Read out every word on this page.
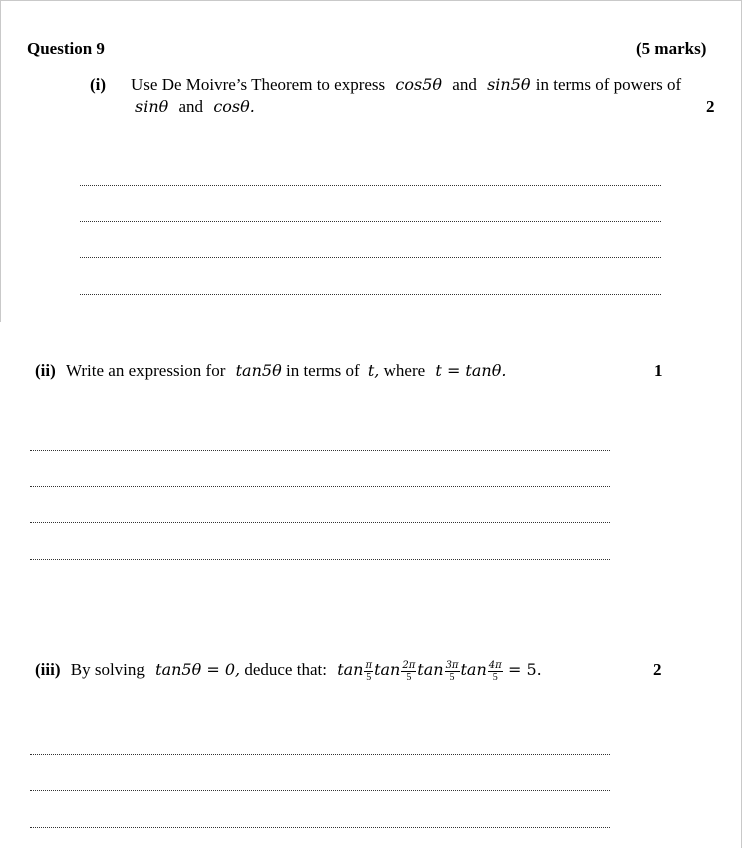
Question 9	(5 marks)
(i) Use De Moivre’s Theorem to express cos5θ and sin5θ in terms of powers of
sinθ and cosθ.	2
(ii) Write an expression for tan5θ in terms of t, where t = tanθ.	1
(iii) By solving tan5θ = 0, deduce that: $\tan \frac{\pi}{5}$ $\tan \frac{2\pi}{5}$ $\tan \frac{3\pi}{5}$ $\tan \frac{4\pi}{5} = 5$.	2
